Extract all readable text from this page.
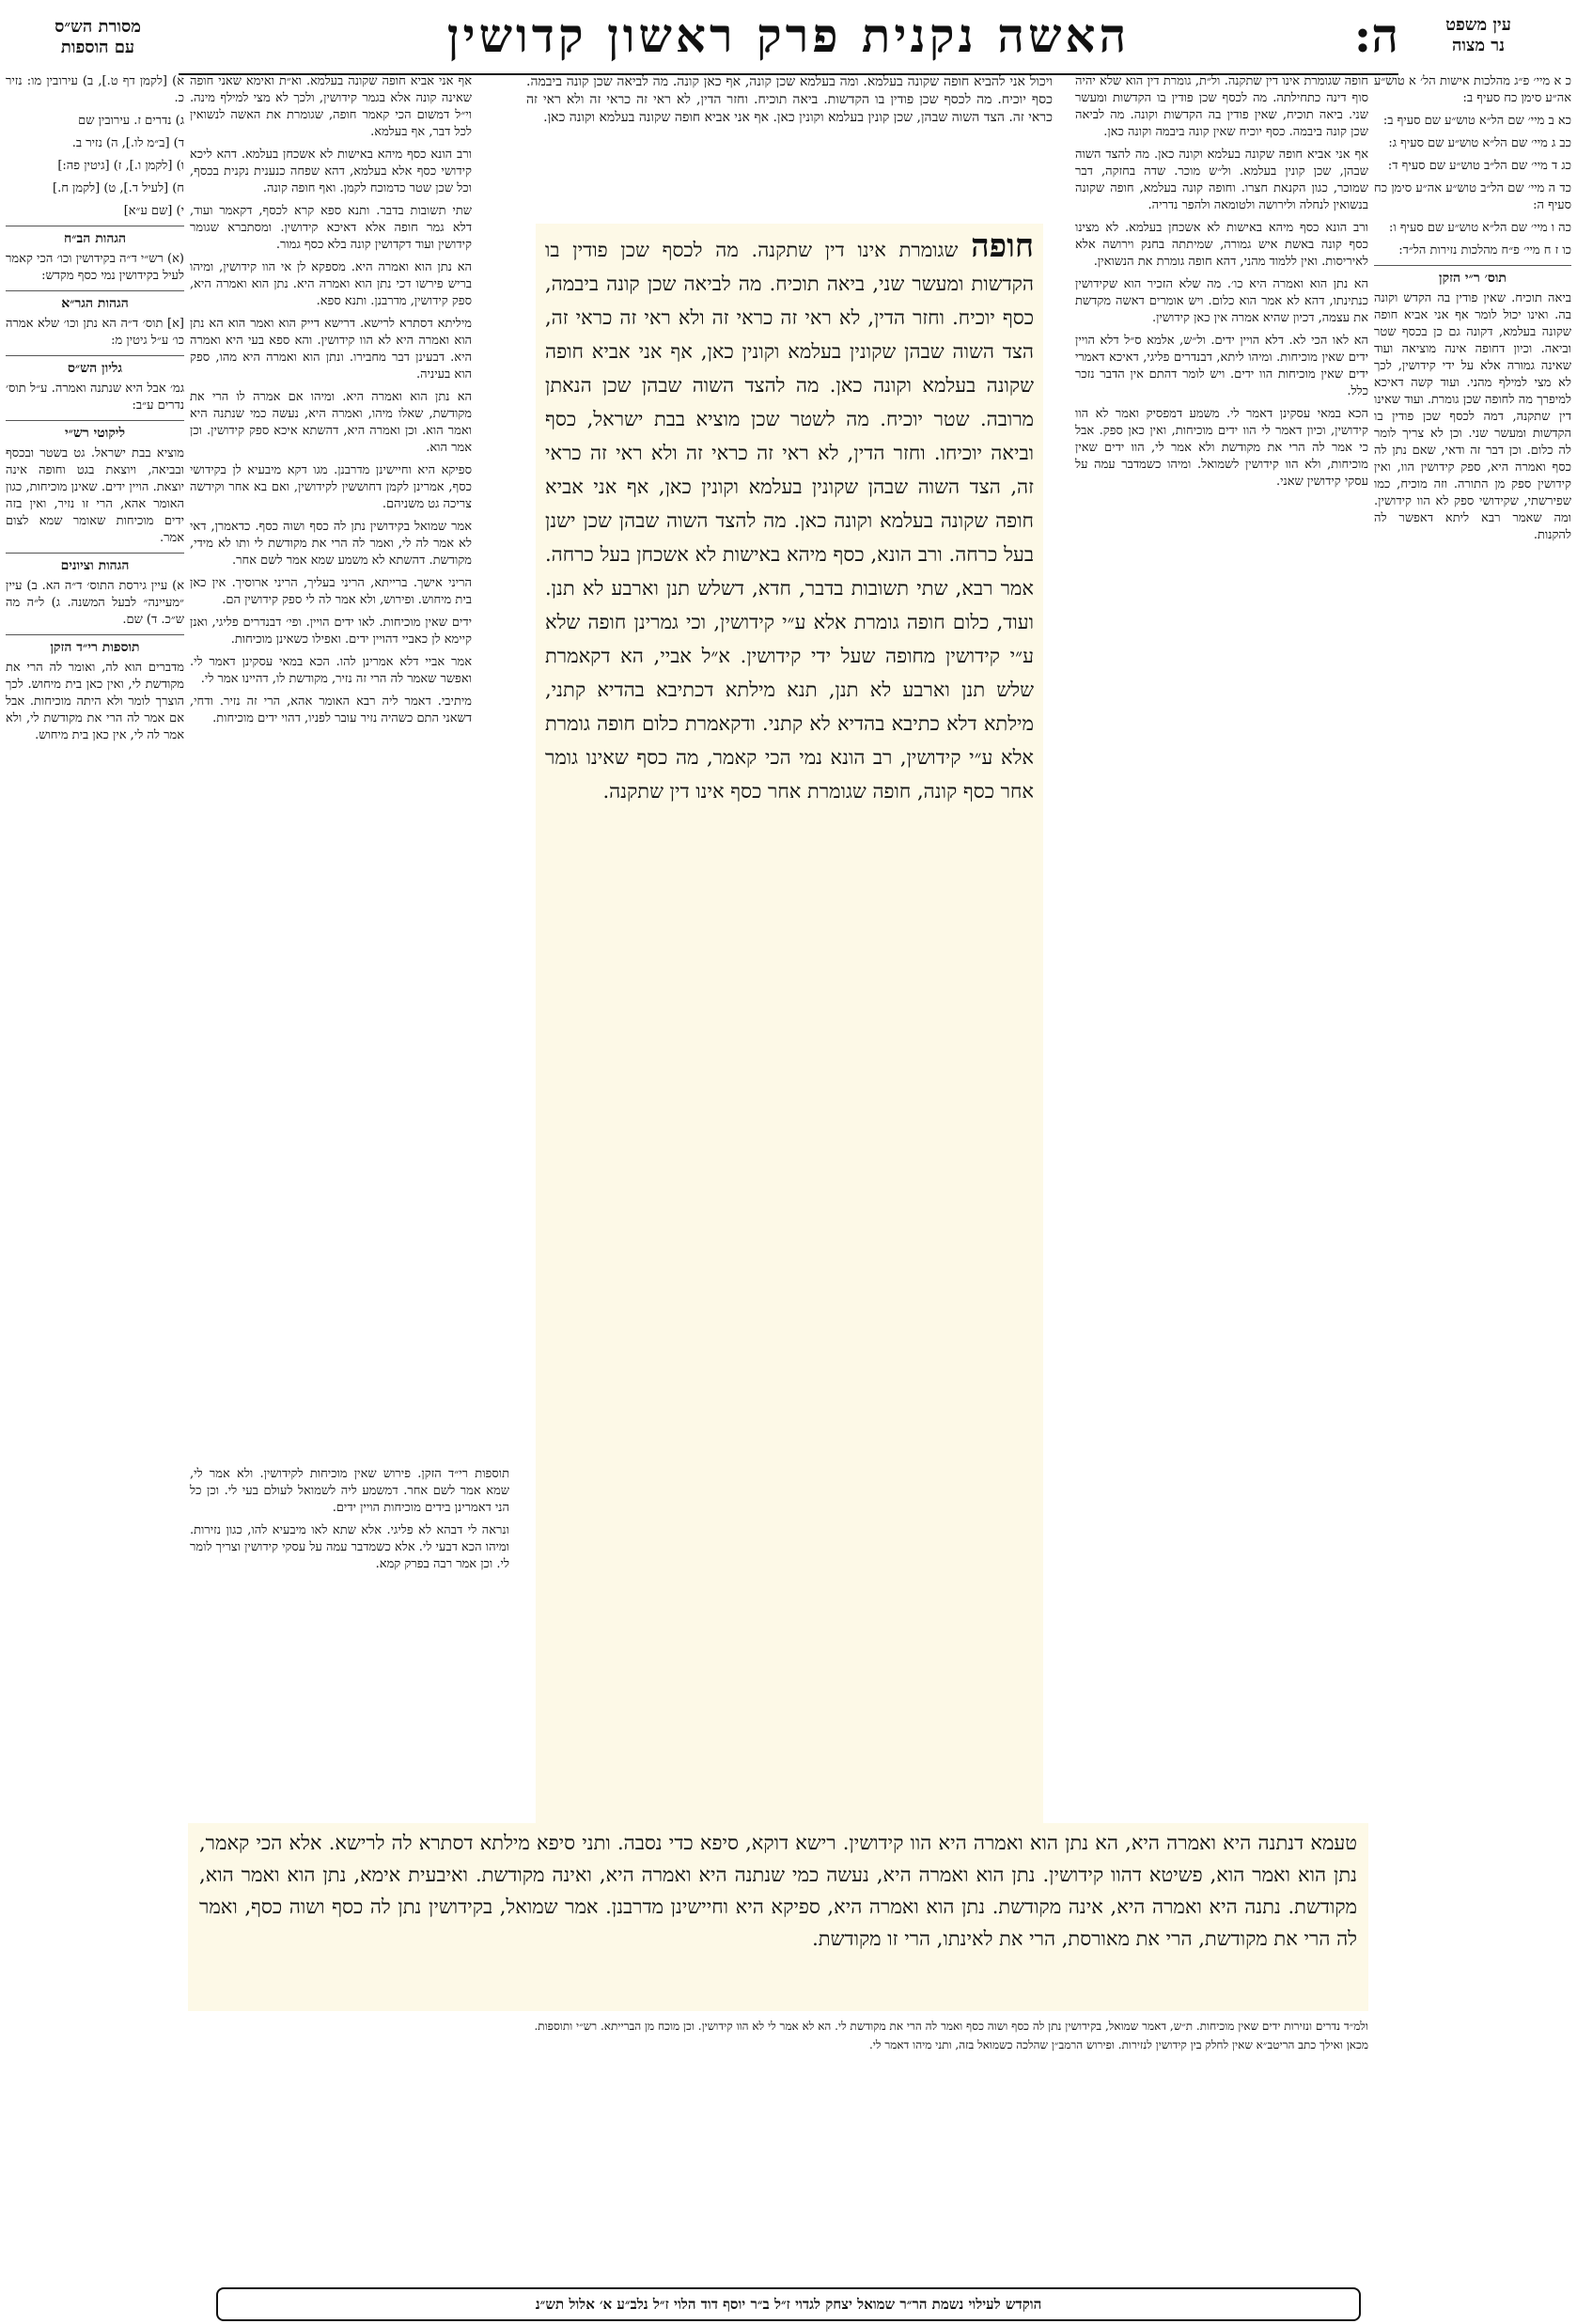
עין משפט
נר מצוה
מסורת הש״ס
עם הוספות	ה:
האשה נקנית פרק ראשון קדושין

כ א מיי׳ פ״ג מהלכות אישות הל׳ א טוש״ע אה״ע סימן כח סעיף ב:

כא ב מיי׳ שם הל״א טוש״ע שם סעיף ב:

כב ג מיי׳ שם הל״א טוש״ע שם סעיף ג:

כג ד מיי׳ שם הל״ב טוש״ע שם סעיף ד:

כד ה מיי׳ שם הל״ב טוש״ע אה״ע סימן כח סעיף ה:

כה ו מיי׳ שם הל״א טוש״ע שם סעיף ו:

כו ז ח מיי׳ פ״ח מהלכות נזירות הל״ד:

תוס׳ ר״י הזקן

ביאה תוכיח. שאין פודין בה הקדש וקונה בה. ואינו יכול לומר אף אני אביא חופה שקונה בעלמא, דקונה גם כן בכסף שטר וביאה. וכיון דחופה אינה מוציאה ועוד שאינה גמורה אלא על ידי קידושין, לכך לא מצי למילף מהני. ועוד קשה דאיכא למיפרך מה לחופה שכן גומרת. ועוד שאינו דין שתקנה, דמה לכסף שכן פודין בו הקדשות ומעשר שני. וכן לא צריך לומר לה כלום. וכן דבר זה ודאי, שאם נתן לה כסף ואמרה היא, ספק קידושין הוו, ואין קידושין ספק מן התורה. וזה מוכיח, כמו שפירשתי, שקידושי ספק לא הוו קידושין. ומה שאמר רבא ליתא דאפשר לה להקנות.

א) [לקמן דף ט.], ב) עירובין מו: נזיר כ.

ג) נדרים ז. עירובין שם

ד) [ב״מ לו.], ה) נזיר ב.

ו) [לקמן ו.], ז) [גיטין פה:]

ח) [לעיל ד.], ט) [לקמן ח.]

י) [שם ע״א]

הגהות הב״ח

(א) רש״י ד״ה בקידושין וכו׳ הכי קאמר לעיל בקידושין נמי כסף מקדש:

הגהות הגר״א

[א] תוס׳ ד״ה הא נתן וכו׳ שלא אמרה כו׳ ע״ל גיטין מ:

גליון הש״ס

גמ׳ אבל היא שנתנה ואמרה. ע״ל תוס׳ נדרים ע״ב:

ליקוטי רש״י

מוציא בבת ישראל. גט בשטר ובכסף ובביאה, ויוצאת בגט וחופה אינה יוצאת. הויין ידים. שאינן מוכיחות, כגון האומר אהא, הרי זו נזיר, ואין בזה ידים מוכיחות שאומר שמא לצום אמר.

הגהות וציונים

א) עיין גירסת התוס׳ ד״ה הא. ב) עיין ״מעיינה״ לבעל המשנה. ג) ל״ה מה ש״כ. ד) שם.

תוספות רי״ד הזקן

מדברים הוא לה, ואומר לה הרי את מקודשת לי, ואין כאן בית מיחוש. לכך הוצרך לומר ולא היתה מוכיחות. אבל אם אמר לה הרי את מקודשת לי, ולא אמר לה לי, אין כאן בית מיחוש.

חופה שגומרת אינו דין שתקנה. ול״ת, גומרת דין הוא שלא יהיה סוף דינה כתחילתה. מה לכסף שכן פודין בו הקדשות ומעשר שני. ביאה תוכיח, שאין פודין בה הקדשות וקונה. מה לביאה שכן קונה ביבמה. כסף יוכיח שאין קונה ביבמה וקונה כאן.

אף אני אביא חופה שקונה בעלמא וקונה כאן. מה להצד השוה שבהן, שכן קונין בעלמא. ול״ש מוכר. שדה בחזקה, דבר שמוכר, כגון הקנאת חצרו. וחופה קונה בעלמא, חופה שקונה בנשואין לנחלה ולירושה ולטומאה ולהפר נדריה.

ורב הונא כסף מיהא באישות לא אשכחן בעלמא. לא מצינו כסף קונה באשת איש גמורה, שמיתתה בחנק וירושה אלא לאיריסות. ואין ללמוד מהני, דהא חופה גומרת את הנשואין.

הא נתן הוא ואמרה היא כו׳. מה שלא הזכיר הוא שקידושין כנתינתו, דהא לא אמר הוא כלום. ויש אומרים דאשה מקדשת את עצמה, דכיון שהיא אמרה אין כאן קידושין.

הא לאו הכי לא. דלא הויין ידים. ול״ש, אלמא ס״ל דלא הויין ידים שאין מוכיחות. ומיהו ליתא, דבנדרים פליגי, דאיכא דאמרי ידים שאין מוכיחות הוו ידים. ויש לומר דהתם אין הדבר נזכר כלל.

הכא במאי עסקינן דאמר לי. משמע דמפסיק ואמר לא הוו קידושין, וכיון דאמר לי הוו ידים מוכיחות, ואין כאן ספק. אבל כי אמר לה הרי את מקודשת ולא אמר לי, הוו ידים שאין מוכיחות, ולא הוו קידושין לשמואל. ומיהו כשמדבר עמה על עסקי קידושין שאני.

אף אני אביא חופה שקונה בעלמא. וא״ת ואימא שאני חופה שאינה קונה אלא בגמר קידושין, ולכך לא מצי למילף מינה. וי״ל דמשום הכי קאמר חופה, שגומרת את האשה לנשואין לכל דבר, אף בעלמא.

ורב הונא כסף מיהא באישות לא אשכחן בעלמא. דהא ליכא קידושי כסף אלא בעלמא, דהא שפחה כנענית נקנית בכסף, וכל שכן שטר כדמוכח לקמן. ואף חופה קונה.

שתי תשובות בדבר. ותנא ספא קרא לכסף, דקאמר ועוד, דלא גמר חופה אלא דאיכא קידושין. ומסתברא שגומר קידושין ועוד דקדושין קונה בלא כסף גמור.

הא נתן הוא ואמרה היא. מספקא לן אי הוו קידושין, ומיהו בריש פירשו דכי נתן הוא ואמרה היא. נתן הוא ואמרה היא, ספק קידושין, מדרבנן. ותנא ספא.

מיליתא דסתרא לרישא. דרישא דייק הוא ואמר הוא הא נתן הוא ואמרה היא לא הוו קידושין. והא ספא בעי היא ואמרה היא. דבעינן דבר מחבירו. ונתן הוא ואמרה היא מהו, ספק הוא בעיניה.

הא נתן הוא ואמרה היא. ומיהו אם אמרה לו הרי את מקודשת, שאלו מיהו, ואמרה היא, נעשה כמי שנתנה היא ואמר הוא. וכן ואמרה היא, דהשתא איכא ספק קידושין. וכן אמר הוא.

ספיקא היא וחיישינן מדרבנן. מגו דקא מיבעיא לן בקידושי כסף, אמרינן לקמן דחוששין לקידושין, ואם בא אחר וקידשה צריכה גט משניהם.

אמר שמואל בקידושין נתן לה כסף ושוה כסף. כדאמרן, דאי לא אמר לה לי, ואמר לה הרי את מקודשת לי ותו לא מידי, מקודשת. דהשתא לא משמע שמא אמר לשם אחר.

הריני אישך. ברייתא, הריני בעליך, הריני ארוסיך. אין כאן בית מיחוש. ופירוש, ולא אמר לה לי ספק קידושין הם.

ידים שאין מוכיחות. לאו ידים הויין. ופי׳ דבנדרים פליגי, ואנן קיימא לן כאביי דהויין ידים. ואפילו כשאינן מוכיחות.

אמר אביי דלא אמרינן להו. הכא במאי עסקינן דאמר לי. ואפשר שאמר לה הרי זה נזיר, מקודשת לו, דהיינו אמר לי.

מיתיבי. דאמר ליה רבא האומר אהא, הרי זה נזיר. ודחי, דשאני התם כשהיה נזיר עובר לפניו, דהוי ידים מוכיחות.

תוספות רי״ד הזקן. פירוש שאין מוכיחות לקידושין. ולא אמר לי, שמא אמר לשם אחר. דמשמע ליה לשמואל לעולם בעי לי. וכן כל הני דאמרינן בידים מוכיחות הויין ידים.

ונראה לי דבהא לא פליגי. אלא שתא לאו מיבעיא להו, כגון נזירות. ומיהו הכא דבעי לי. אלא כשמדבר עמה על עסקי קידושין וצריך לומר לי. וכן אמר רבה בפרק קמא.

ויכול אני להביא חופה שקונה בעלמא. ומה בעלמא שכן קונה, אף כאן קונה. מה לביאה שכן קונה ביבמה. כסף יוכיח. מה לכסף שכן פודין בו הקדשות. ביאה תוכיח. וחזר הדין, לא ראי זה כראי זה ולא ראי זה כראי זה. הצד השוה שבהן, שכן קונין בעלמא וקונין כאן. אף אני אביא חופה שקונה בעלמא וקונה כאן.
חופה שגומרת אינו דין שתקנה. מה לכסף שכן פודין בו הקדשות ומעשר שני, ביאה תוכיח. מה לביאה שכן קונה ביבמה, כסף יוכיח. וחזר הדין, לא ראי זה כראי זה ולא ראי זה כראי זה, הצד השוה שבהן שקונין בעלמא וקונין כאן, אף אני אביא חופה שקונה בעלמא וקונה כאן. מה להצד השוה שבהן שכן הנאתן מרובה. שטר יוכיח. מה לשטר שכן מוציא בבת ישראל, כסף וביאה יוכיחו. וחזר הדין, לא ראי זה כראי זה ולא ראי זה כראי זה, הצד השוה שבהן שקונין בעלמא וקונין כאן, אף אני אביא חופה שקונה בעלמא וקונה כאן. מה להצד השוה שבהן שכן ישנן בעל כרחה. ורב הונא, כסף מיהא באישות לא אשכחן בעל כרחה. אמר רבא, שתי תשובות בדבר, חדא, דשלש תנן וארבע לא תנן. ועוד, כלום חופה גומרת אלא ע״י קידושין, וכי גמרינן חופה שלא ע״י קידושין מחופה שעל ידי קידושין. א״ל אביי, הא דקאמרת שלש תנן וארבע לא תנן, תנא מילתא דכתיבא בהדיא קתני, מילתא דלא כתיבא בהדיא לא קתני. ודקאמרת כלום חופה גומרת אלא ע״י קידושין, רב הונא נמי הכי קאמר, מה כסף שאינו גומר אחר כסף קונה, חופה שגומרת אחר כסף אינו דין שתקנה.
טעמא דנתנה היא ואמרה היא, הא נתן הוא ואמרה היא הוו קידושין. רישא דוקא, סיפא כדי נסבה. ותני סיפא מילתא דסתרא לה לרישא. אלא הכי קאמר, נתן הוא ואמר הוא, פשיטא דהוו קידושין. נתן הוא ואמרה היא, נעשה כמי שנתנה היא ואמרה היא, ואינה מקודשת. ואיבעית אימא, נתן הוא ואמר הוא, מקודשת. נתנה היא ואמרה היא, אינה מקודשת. נתן הוא ואמרה היא, ספיקא היא וחיישינן מדרבנן. אמר שמואל, בקידושין נתן לה כסף ושוה כסף, ואמר לה הרי את מקודשת, הרי את מאורסת, הרי את לאינתו, הרי זו מקודשת.

ולמ״ד נדרים ונזירות ידים שאין מוכיחות. ת״ש, דאמר שמואל, בקידושין נתן לה כסף ושוה כסף ואמר לה הרי את מקודשת לי. הא לא אמר לי לא הוו קידושין. וכן מוכח מן הברייתא. רש״י ותוספות.

מכאן ואילך כתב הריטב״א שאין לחלק בין קידושין לנזירות. ופירוש הרמב״ן שהלכה כשמואל בזה, ותני מיהו דאמר לי.

הוקדש לעילוי נשמת הר״ר שמואל יצחק לגדוי ז״ל ב״ר יוסף דוד הלוי ז״ל נלב״ע א׳ אלול תש״נ
